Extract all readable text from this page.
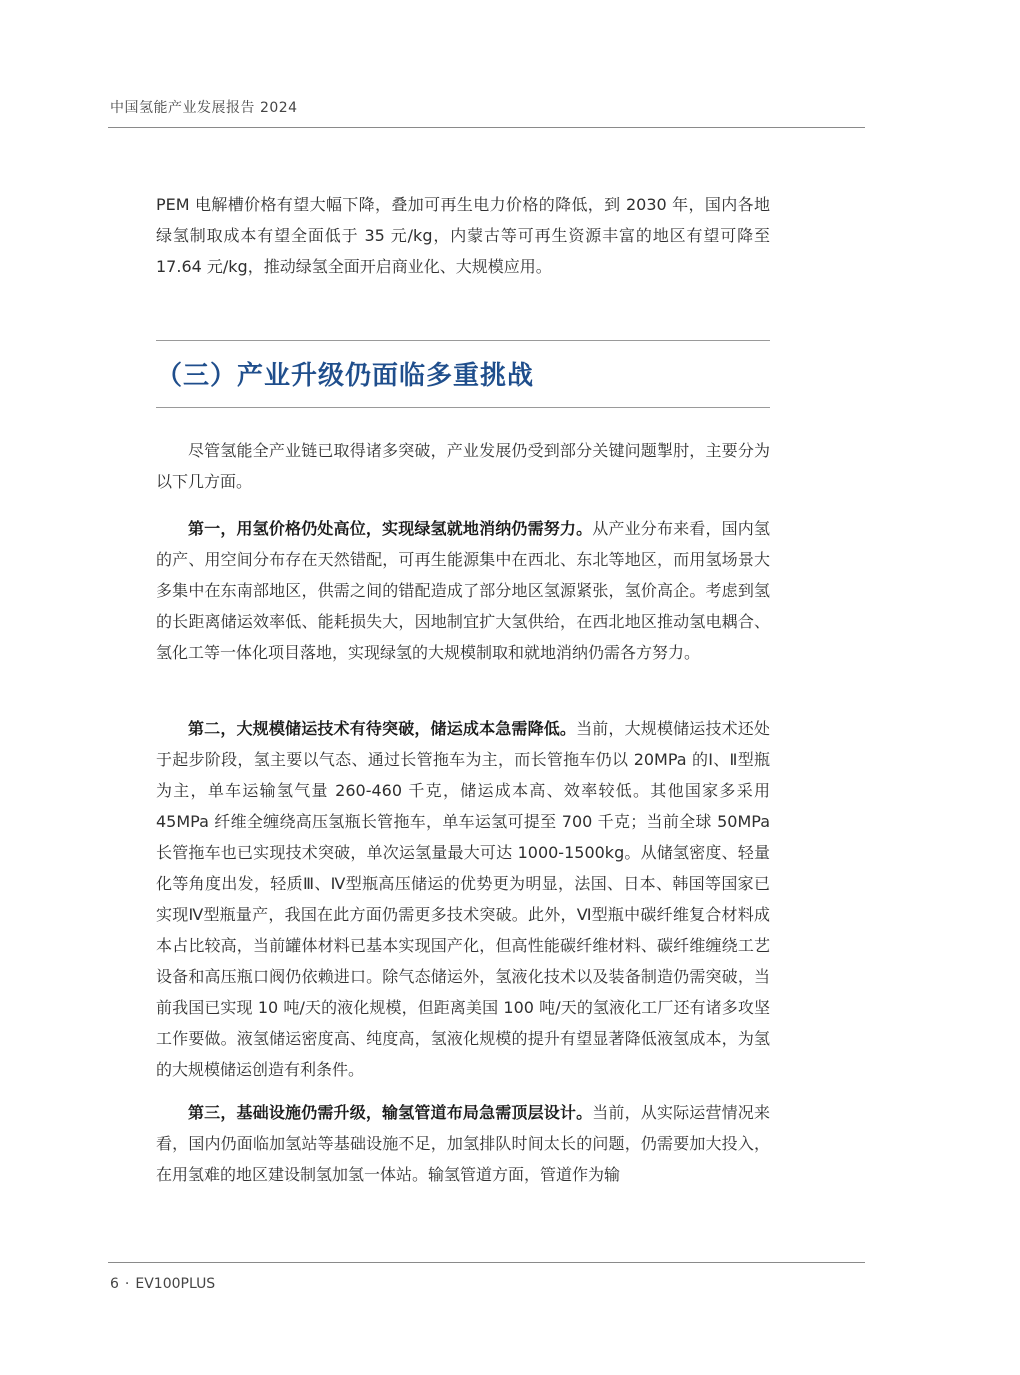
中国氢能产业发展报告 2024

PEM 电解槽价格有望大幅下降，叠加可再生电力价格的降低，到 2030 年，国内各地绿氢制取成本有望全面低于 35 元/kg，内蒙古等可再生资源丰富的地区有望可降至 17.64 元/kg，推动绿氢全面开启商业化、大规模应用。

（三）产业升级仍面临多重挑战

尽管氢能全产业链已取得诸多突破，产业发展仍受到部分关键问题掣肘，主要分为以下几方面。

第一，用氢价格仍处高位，实现绿氢就地消纳仍需努力。从产业分布来看，国内氢的产、用空间分布存在天然错配，可再生能源集中在西北、东北等地区，而用氢场景大多集中在东南部地区，供需之间的错配造成了部分地区氢源紧张，氢价高企。考虑到氢的长距离储运效率低、能耗损失大，因地制宜扩大氢供给，在西北地区推动氢电耦合、氢化工等一体化项目落地，实现绿氢的大规模制取和就地消纳仍需各方努力。

第二，大规模储运技术有待突破，储运成本急需降低。当前，大规模储运技术还处于起步阶段，氢主要以气态、通过长管拖车为主，而长管拖车仍以 20MPa 的Ⅰ、Ⅱ型瓶为主，单车运输氢气量 260-460 千克，储运成本高、效率较低。其他国家多采用 45MPa 纤维全缠绕高压氢瓶长管拖车，单车运氢可提至 700 千克；当前全球 50MPa 长管拖车也已实现技术突破，单次运氢量最大可达 1000-1500kg。从储氢密度、轻量化等角度出发，轻质Ⅲ、Ⅳ型瓶高压储运的优势更为明显，法国、日本、韩国等国家已实现Ⅳ型瓶量产，我国在此方面仍需更多技术突破。此外，Ⅵ型瓶中碳纤维复合材料成本占比较高，当前罐体材料已基本实现国产化，但高性能碳纤维材料、碳纤维缠绕工艺设备和高压瓶口阀仍依赖进口。除气态储运外，氢液化技术以及装备制造仍需突破，当前我国已实现 10 吨/天的液化规模，但距离美国 100 吨/天的氢液化工厂还有诸多攻坚工作要做。液氢储运密度高、纯度高，氢液化规模的提升有望显著降低液氢成本，为氢的大规模储运创造有利条件。

第三，基础设施仍需升级，输氢管道布局急需顶层设计。当前，从实际运营情况来看，国内仍面临加氢站等基础设施不足，加氢排队时间太长的问题，仍需要加大投入，在用氢难的地区建设制氢加氢一体站。输氢管道方面，管道作为输

6 · EV100PLUS
